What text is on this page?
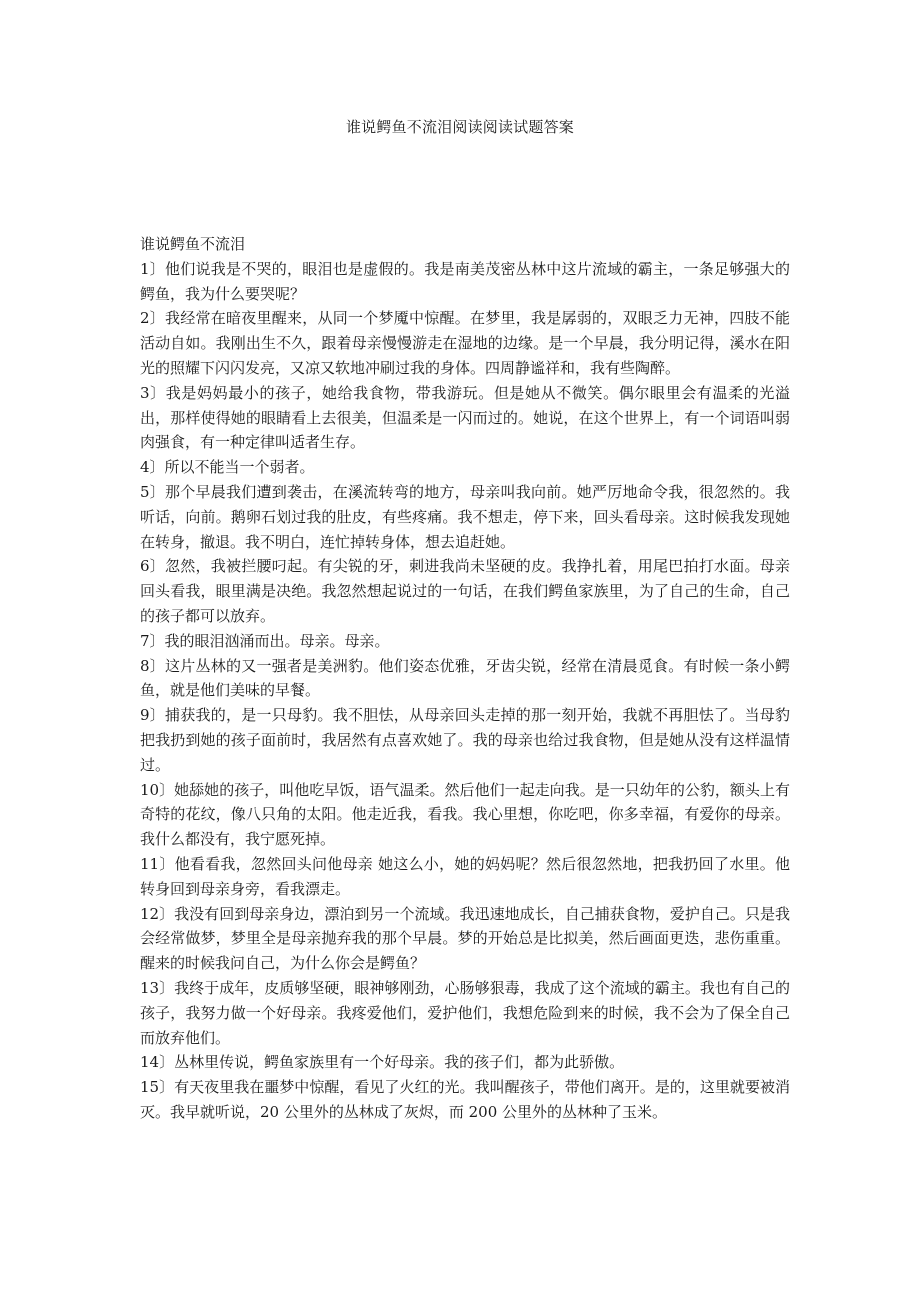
谁说鳄鱼不流泪阅读阅读试题答案
谁说鳄鱼不流泪

1〕他们说我是不哭的，眼泪也是虚假的。我是南美茂密丛林中这片流域的霸主，一条足够强大的鳄鱼，我为什么要哭呢？

2〕我经常在暗夜里醒来，从同一个梦魇中惊醒。在梦里，我是孱弱的，双眼乏力无神，四肢不能活动自如。我刚出生不久，跟着母亲慢慢游走在湿地的边缘。是一个早晨，我分明记得，溪水在阳光的照耀下闪闪发亮，又凉又软地冲刷过我的身体。四周静谧祥和，我有些陶醉。

3〕我是妈妈最小的孩子，她给我食物，带我游玩。但是她从不微笑。偶尔眼里会有温柔的光溢出，那样使得她的眼睛看上去很美，但温柔是一闪而过的。她说，在这个世界上，有一个词语叫弱肉强食，有一种定律叫适者生存。

4〕所以不能当一个弱者。

5〕那个早晨我们遭到袭击，在溪流转弯的地方，母亲叫我向前。她严厉地命令我，很忽然的。我听话，向前。鹅卵石划过我的肚皮，有些疼痛。我不想走，停下来，回头看母亲。这时候我发现她在转身，撤退。我不明白，连忙掉转身体，想去追赶她。

6〕忽然，我被拦腰叼起。有尖锐的牙，刺进我尚未坚硬的皮。我挣扎着，用尾巴拍打水面。母亲回头看我，眼里满是决绝。我忽然想起说过的一句话，在我们鳄鱼家族里，为了自己的生命，自己的孩子都可以放弃。

7〕我的眼泪汹涌而出。母亲。母亲。

8〕这片丛林的又一强者是美洲豹。他们姿态优雅，牙齿尖锐，经常在清晨觅食。有时候一条小鳄鱼，就是他们美味的早餐。

9〕捕获我的，是一只母豹。我不胆怯，从母亲回头走掉的那一刻开始，我就不再胆怯了。当母豹把我扔到她的孩子面前时，我居然有点喜欢她了。我的母亲也给过我食物，但是她从没有这样温情过。

10〕她舔她的孩子，叫他吃早饭，语气温柔。然后他们一起走向我。是一只幼年的公豹，额头上有奇特的花纹，像八只角的太阳。他走近我，看我。我心里想，你吃吧，你多幸福，有爱你的母亲。我什么都没有，我宁愿死掉。

11〕他看看我，忽然回头问他母亲 她这么小，她的妈妈呢？然后很忽然地，把我扔回了水里。他转身回到母亲身旁，看我漂走。

12〕我没有回到母亲身边，漂泊到另一个流域。我迅速地成长，自己捕获食物，爱护自己。只是我会经常做梦，梦里全是母亲抛弃我的那个早晨。梦的开始总是比拟美，然后画面更迭，悲伤重重。醒来的时候我问自己，为什么你会是鳄鱼？

13〕我终于成年，皮质够坚硬，眼神够刚劲，心肠够狠毒，我成了这个流域的霸主。我也有自己的孩子，我努力做一个好母亲。我疼爱他们，爱护他们，我想危险到来的时候，我不会为了保全自己而放弃他们。

14〕丛林里传说，鳄鱼家族里有一个好母亲。我的孩子们，都为此骄傲。

15〕有天夜里我在噩梦中惊醒，看见了火红的光。我叫醒孩子，带他们离开。是的，这里就要被消灭。我早就听说，20 公里外的丛林成了灰烬，而 200 公里外的丛林种了玉米。
